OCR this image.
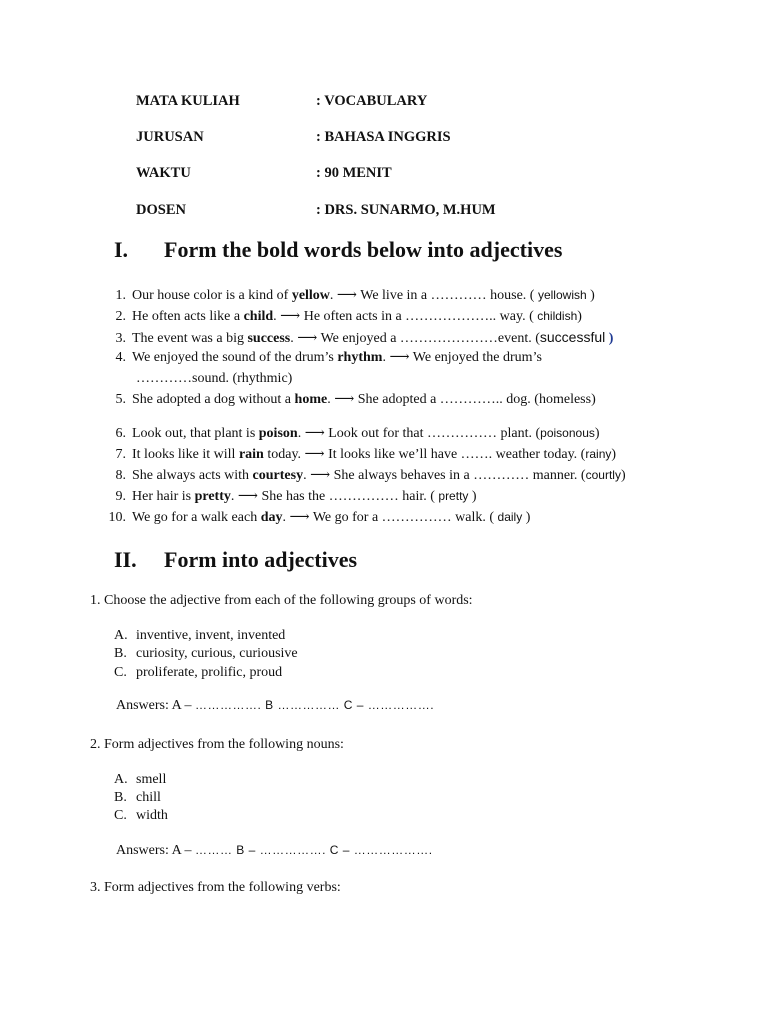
MATA KULIAH	: VOCABULARY
JURUSAN	: BAHASA INGGRIS
WAKTU	: 90 MENIT
DOSEN	: DRS. SUNARMO, M.HUM
I. Form the bold words below into adjectives
1. Our house color is a kind of yellow. ⟶ We live in a ………… house. ( yellowish )
2. He often acts like a child. ⟶ He often acts in a ……………….. way. ( childish)
3. The event was a big success. ⟶ We enjoyed a …………………event. (successful )
4. We enjoyed the sound of the drum’s rhythm. ⟶ We enjoyed the drum’s
…………sound. (rhythmic)
5. She adopted a dog without a home. ⟶ She adopted a ………….. dog. (homeless)
6. Look out, that plant is poison. ⟶ Look out for that …………… plant. (poisonous)
7. It looks like it will rain today. ⟶ It looks like we’ll have ……. weather today. (rainy)
8. She always acts with courtesy. ⟶ She always behaves in a ………… manner. (courtly)
9. Her hair is pretty. ⟶ She has the …………… hair. ( pretty )
10. We go for a walk each day. ⟶ We go for a …………… walk. ( daily )
II. Form into adjectives
1. Choose the adjective from each of the following groups of words:
A. inventive, invent, invented
B. curiosity, curious, curiousive
C. proliferate, prolific, proud
Answers: A – ……………. B …………… C – …………….
2. Form adjectives from the following nouns:
A. smell
B. chill
C. width
Answers: A – ……… B – ……………. C – ……………….
3. Form adjectives from the following verbs:
